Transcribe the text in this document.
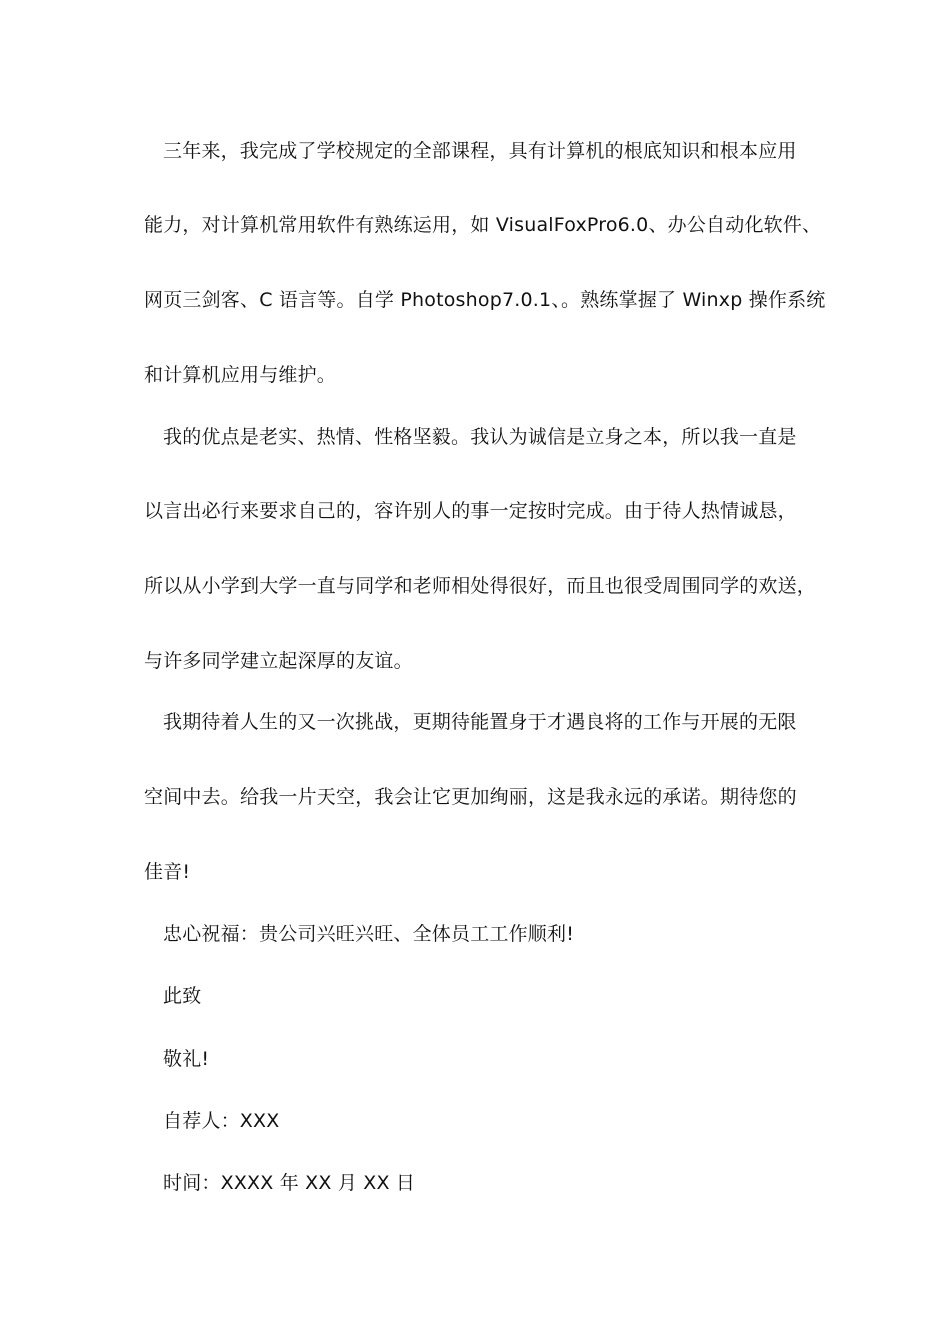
三年来，我完成了学校规定的全部课程，具有计算机的根底知识和根本应用
能力，对计算机常用软件有熟练运用，如 VisualFoxPro6.0、办公自动化软件、
网页三剑客、C 语言等。自学 Photoshop7.0.1、。熟练掌握了 Winxp 操作系统
和计算机应用与维护。
我的优点是老实、热情、性格坚毅。我认为诚信是立身之本，所以我一直是
以言出必行来要求自己的，容许别人的事一定按时完成。由于待人热情诚恳，
所以从小学到大学一直与同学和老师相处得很好，而且也很受周围同学的欢送，
与许多同学建立起深厚的友谊。
我期待着人生的又一次挑战，更期待能置身于才遇良将的工作与开展的无限
空间中去。给我一片天空，我会让它更加绚丽，这是我永远的承诺。期待您的
佳音!
忠心祝福：贵公司兴旺兴旺、全体员工工作顺利!
此致
敬礼!
自荐人：XXX
时间：XXXX 年 XX 月 XX 日
